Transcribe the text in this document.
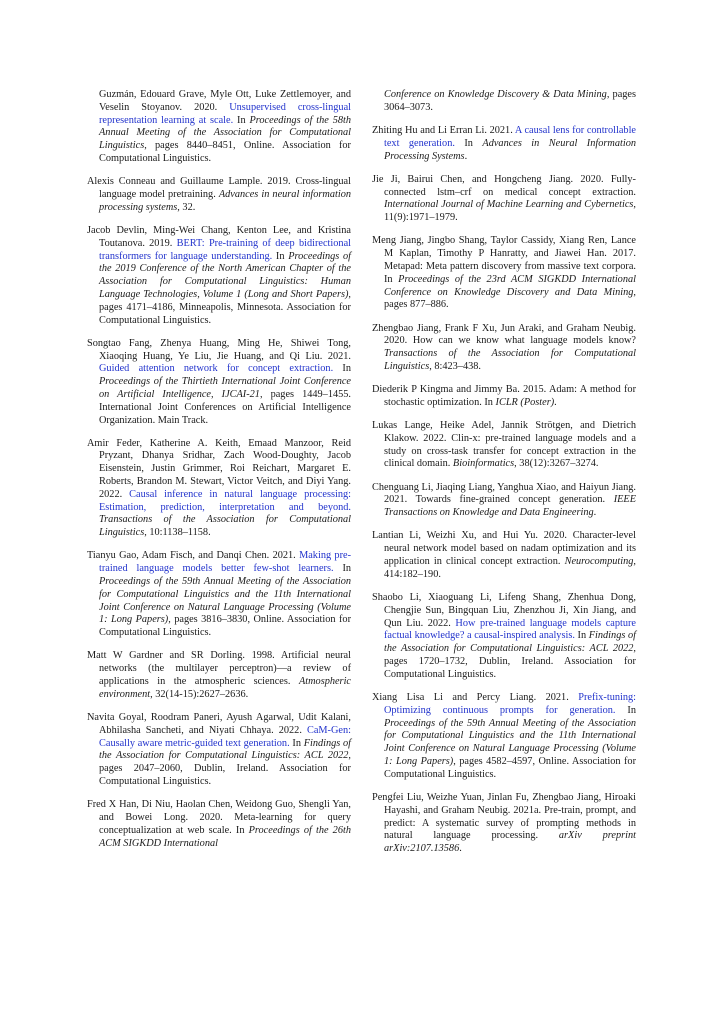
Guzmán, Edouard Grave, Myle Ott, Luke Zettlemoyer, and Veselin Stoyanov. 2020. Unsupervised cross-lingual representation learning at scale. In Proceedings of the 58th Annual Meeting of the Association for Computational Linguistics, pages 8440–8451, Online. Association for Computational Linguistics.

Alexis Conneau and Guillaume Lample. 2019. Cross-lingual language model pretraining. Advances in neural information processing systems, 32.

Jacob Devlin, Ming-Wei Chang, Kenton Lee, and Kristina Toutanova. 2019. BERT: Pre-training of deep bidirectional transformers for language understanding. In Proceedings of the 2019 Conference of the North American Chapter of the Association for Computational Linguistics: Human Language Technologies, Volume 1 (Long and Short Papers), pages 4171–4186, Minneapolis, Minnesota. Association for Computational Linguistics.

Songtao Fang, Zhenya Huang, Ming He, Shiwei Tong, Xiaoqing Huang, Ye Liu, Jie Huang, and Qi Liu. 2021. Guided attention network for concept extraction. In Proceedings of the Thirtieth International Joint Conference on Artificial Intelligence, IJCAI-21, pages 1449–1455. International Joint Conferences on Artificial Intelligence Organization. Main Track.

Amir Feder, Katherine A. Keith, Emaad Manzoor, Reid Pryzant, Dhanya Sridhar, Zach Wood-Doughty, Jacob Eisenstein, Justin Grimmer, Roi Reichart, Margaret E. Roberts, Brandon M. Stewart, Victor Veitch, and Diyi Yang. 2022. Causal inference in natural language processing: Estimation, prediction, interpretation and beyond. Transactions of the Association for Computational Linguistics, 10:1138–1158.

Tianyu Gao, Adam Fisch, and Danqi Chen. 2021. Making pre-trained language models better few-shot learners. In Proceedings of the 59th Annual Meeting of the Association for Computational Linguistics and the 11th International Joint Conference on Natural Language Processing (Volume 1: Long Papers), pages 3816–3830, Online. Association for Computational Linguistics.

Matt W Gardner and SR Dorling. 1998. Artificial neural networks (the multilayer perceptron)—a review of applications in the atmospheric sciences. Atmospheric environment, 32(14-15):2627–2636.

Navita Goyal, Roodram Paneri, Ayush Agarwal, Udit Kalani, Abhilasha Sancheti, and Niyati Chhaya. 2022. CaM-Gen: Causally aware metric-guided text generation. In Findings of the Association for Computational Linguistics: ACL 2022, pages 2047–2060, Dublin, Ireland. Association for Computational Linguistics.

Fred X Han, Di Niu, Haolan Chen, Weidong Guo, Shengli Yan, and Bowei Long. 2020. Meta-learning for query conceptualization at web scale. In Proceedings of the 26th ACM SIGKDD International

Conference on Knowledge Discovery & Data Mining, pages 3064–3073.

Zhiting Hu and Li Erran Li. 2021. A causal lens for controllable text generation. In Advances in Neural Information Processing Systems.

Jie Ji, Bairui Chen, and Hongcheng Jiang. 2020. Fully-connected lstm–crf on medical concept extraction. International Journal of Machine Learning and Cybernetics, 11(9):1971–1979.

Meng Jiang, Jingbo Shang, Taylor Cassidy, Xiang Ren, Lance M Kaplan, Timothy P Hanratty, and Jiawei Han. 2017. Metapad: Meta pattern discovery from massive text corpora. In Proceedings of the 23rd ACM SIGKDD International Conference on Knowledge Discovery and Data Mining, pages 877–886.

Zhengbao Jiang, Frank F Xu, Jun Araki, and Graham Neubig. 2020. How can we know what language models know? Transactions of the Association for Computational Linguistics, 8:423–438.

Diederik P Kingma and Jimmy Ba. 2015. Adam: A method for stochastic optimization. In ICLR (Poster).

Lukas Lange, Heike Adel, Jannik Strötgen, and Dietrich Klakow. 2022. Clin-x: pre-trained language models and a study on cross-task transfer for concept extraction in the clinical domain. Bioinformatics, 38(12):3267–3274.

Chenguang Li, Jiaqing Liang, Yanghua Xiao, and Haiyun Jiang. 2021. Towards fine-grained concept generation. IEEE Transactions on Knowledge and Data Engineering.

Lantian Li, Weizhi Xu, and Hui Yu. 2020. Character-level neural network model based on nadam optimization and its application in clinical concept extraction. Neurocomputing, 414:182–190.

Shaobo Li, Xiaoguang Li, Lifeng Shang, Zhenhua Dong, Chengjie Sun, Bingquan Liu, Zhenzhou Ji, Xin Jiang, and Qun Liu. 2022. How pre-trained language models capture factual knowledge? a causal-inspired analysis. In Findings of the Association for Computational Linguistics: ACL 2022, pages 1720–1732, Dublin, Ireland. Association for Computational Linguistics.

Xiang Lisa Li and Percy Liang. 2021. Prefix-tuning: Optimizing continuous prompts for generation. In Proceedings of the 59th Annual Meeting of the Association for Computational Linguistics and the 11th International Joint Conference on Natural Language Processing (Volume 1: Long Papers), pages 4582–4597, Online. Association for Computational Linguistics.

Pengfei Liu, Weizhe Yuan, Jinlan Fu, Zhengbao Jiang, Hiroaki Hayashi, and Graham Neubig. 2021a. Pre-train, prompt, and predict: A systematic survey of prompting methods in natural language processing. arXiv preprint arXiv:2107.13586.
